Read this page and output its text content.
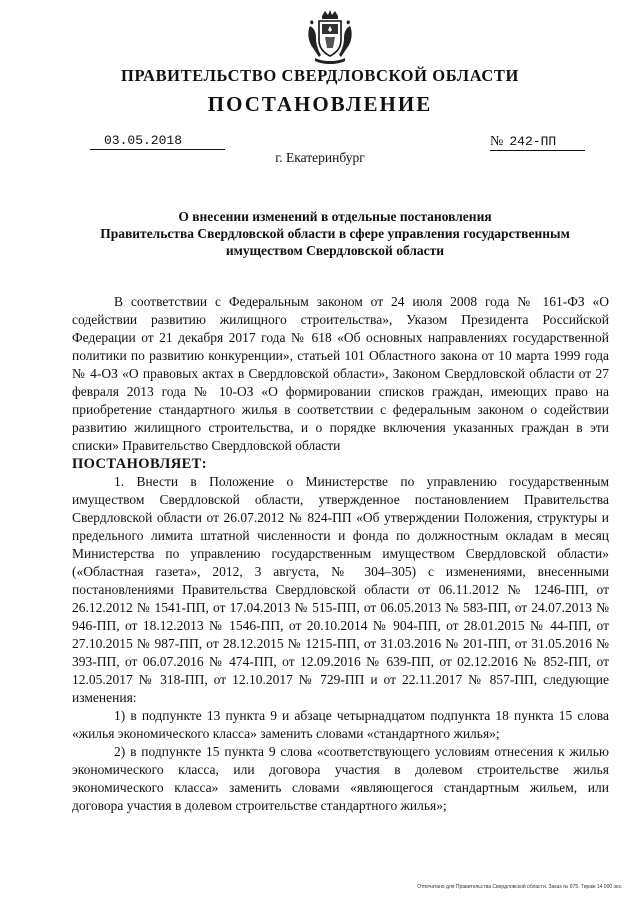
ПРАВИТЕЛЬСТВО СВЕРДЛОВСКОЙ ОБЛАСТИ
ПОСТАНОВЛЕНИЕ
03.05.2018	№ 242-ПП
г. Екатеринбург
О внесении изменений в отдельные постановления
Правительства Свердловской области в сфере управления государственным
имуществом Свердловской области

В соответствии с Федеральным законом от 24 июля 2008 года № 161-ФЗ «О содействии развитию жилищного строительства», Указом Президента Российской Федерации от 21 декабря 2017 года № 618 «Об основных направлениях государственной политики по развитию конкуренции», статьей 101 Областного закона от 10 марта 1999 года № 4-ОЗ «О правовых актах в Свердловской области», Законом Свердловской области от 27 февраля 2013 года № 10-ОЗ «О формировании списков граждан, имеющих право на приобретение стандартного жилья в соответствии с федеральным законом о содействии развитию жилищного строительства, и о порядке включения указанных граждан в эти списки» Правительство Свердловской области

ПОСТАНОВЛЯЕТ:

1. Внести в Положение о Министерстве по управлению государственным имуществом Свердловской области, утвержденное постановлением Правительства Свердловской области от 26.07.2012 № 824-ПП «Об утверждении Положения, структуры и предельного лимита штатной численности и фонда по должностным окладам в месяц Министерства по управлению государственным имуществом Свердловской области» («Областная газета», 2012, 3 августа, № 304–305) с изменениями, внесенными постановлениями Правительства Свердловской области от 06.11.2012 № 1246-ПП, от 26.12.2012 № 1541-ПП, от 17.04.2013 № 515-ПП, от 06.05.2013 № 583-ПП, от 24.07.2013 № 946-ПП, от 18.12.2013 № 1546-ПП, от 20.10.2014 № 904-ПП, от 28.01.2015 № 44-ПП, от 27.10.2015 № 987-ПП, от 28.12.2015 № 1215-ПП, от 31.03.2016 № 201-ПП, от 31.05.2016 № 393-ПП, от 06.07.2016 № 474-ПП, от 12.09.2016 № 639-ПП, от 02.12.2016 № 852-ПП, от 12.05.2017 № 318-ПП, от 12.10.2017 № 729-ПП и от 22.11.2017 № 857-ПП, следующие изменения:

1) в подпункте 13 пункта 9 и абзаце четырнадцатом подпункта 18 пункта 15 слова «жилья экономического класса» заменить словами «стандартного жилья»;

2) в подпункте 15 пункта 9 слова «соответствующего условиям отнесения к жилью экономического класса, или договора участия в долевом строительстве жилья экономического класса» заменить словами «являющегося стандартным жильем, или договора участия в долевом строительстве стандартного жилья»;

Отпечатано для Правительства Свердловской области. Заказ № 075. Тираж 14 000 экз.
